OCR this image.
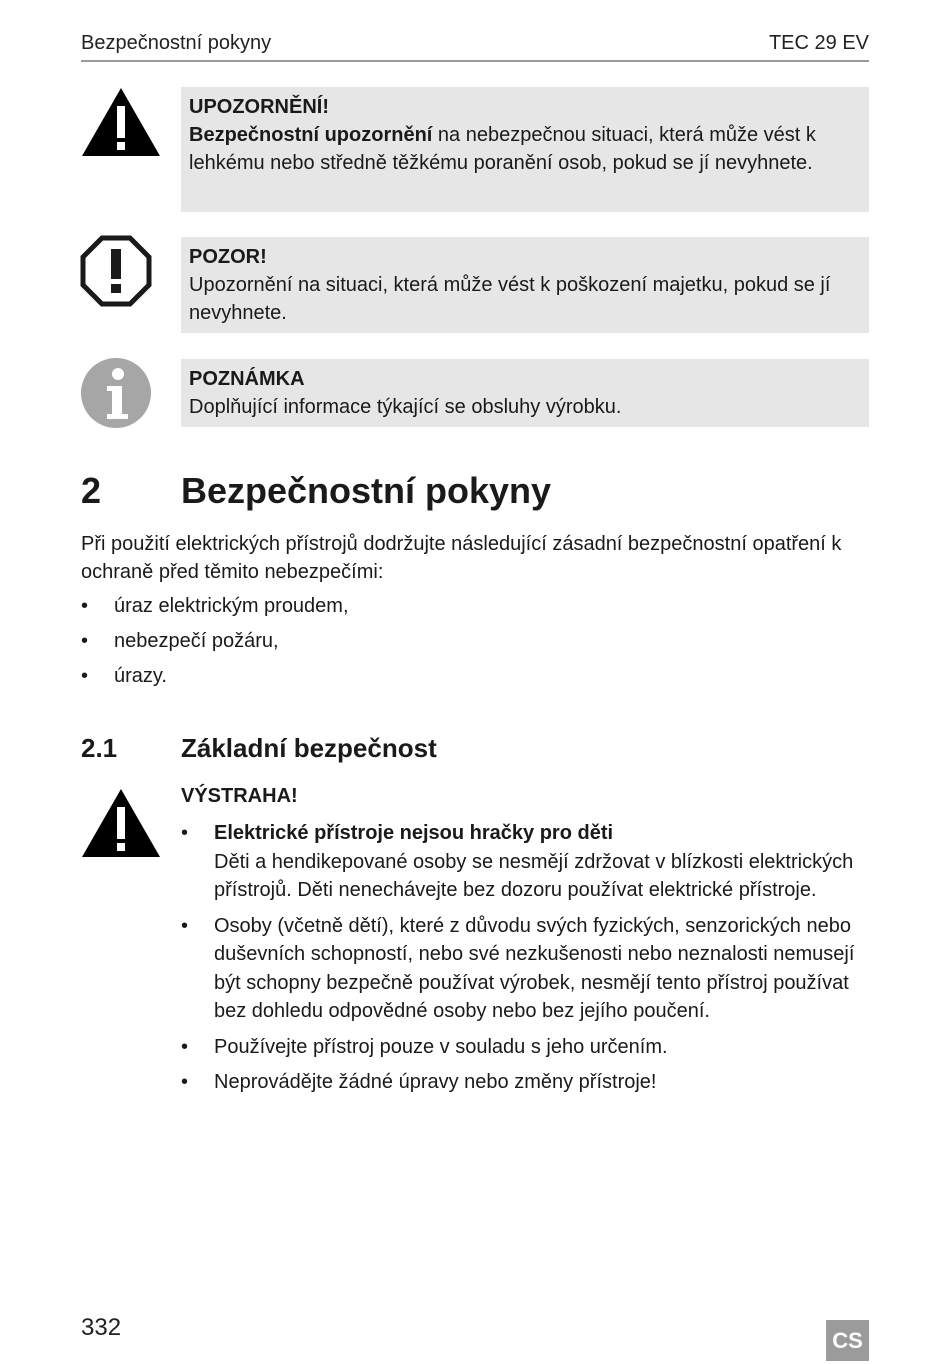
Bezpečnostní pokyny	TEC 29 EV
UPOZORNĚNÍ!
Bezpečnostní upozornění na nebezpečnou situaci, která může vést k lehkému nebo středně těžkému poranění osob, pokud se jí nevyhnete.
POZOR!
Upozornění na situaci, která může vést k poškození majetku, pokud se jí nevyhnete.
POZNÁMKA
Doplňující informace týkající se obsluhy výrobku.
2 Bezpečnostní pokyny
Při použití elektrických přístrojů dodržujte následující zásadní bezpečnostní opatření k ochraně před těmito nebezpečími:
• úraz elektrickým proudem,
• nebezpečí požáru,
• úrazy.
2.1 Základní bezpečnost
VÝSTRAHA!
• Elektrické přístroje nejsou hračky pro děti
Děti a hendikepované osoby se nesmějí zdržovat v blízkosti elektrických přístrojů. Děti nenechávejte bez dozoru používat elektrické přístroje.
• Osoby (včetně dětí), které z důvodu svých fyzických, senzorických nebo duševních schopností, nebo své nezkušenosti nebo neznalosti nemusejí být schopny bezpečně používat výrobek, nesmějí tento přístroj používat bez dohledu odpovědné osoby nebo bez jejího poučení.
• Používejte přístroj pouze v souladu s jeho určením.
• Neprovádějte žádné úpravy nebo změny přístroje!
332	CS
